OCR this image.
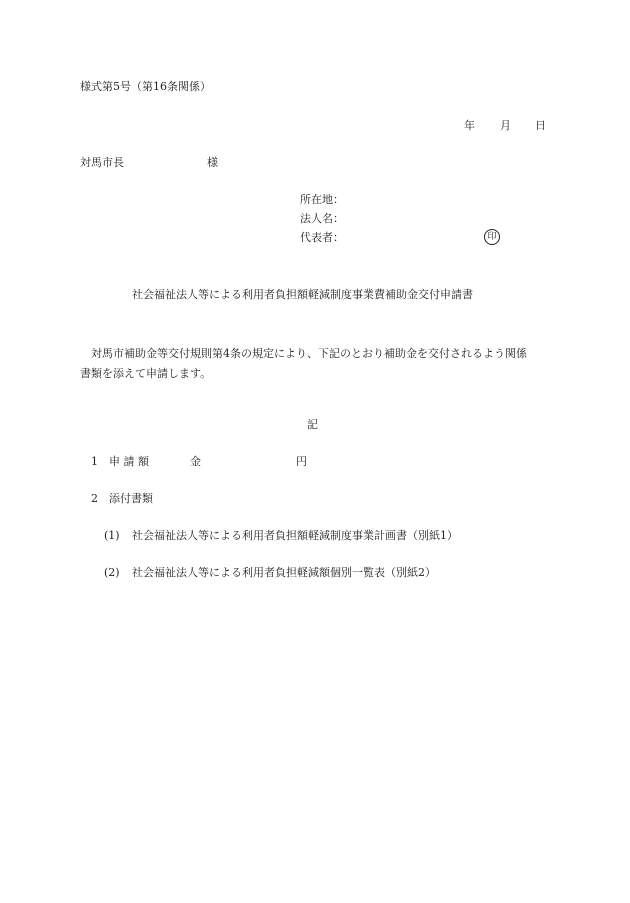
様式第5号（第16条関係）
年 月 日
対馬市長	様
所在地：
法人名：
代表者：	印
社会福祉法人等による利用者負担額軽減制度事業費補助金交付申請書
対馬市補助金等交付規則第4条の規定により、下記のとおり補助金を交付されるよう関係
書類を添えて申請します。
記
1 申 請 額	金	円
2 添付書類
(1) 社会福祉法人等による利用者負担額軽減制度事業計画書（別紙1）
(2) 社会福祉法人等による利用者負担軽減額個別一覧表（別紙2）
